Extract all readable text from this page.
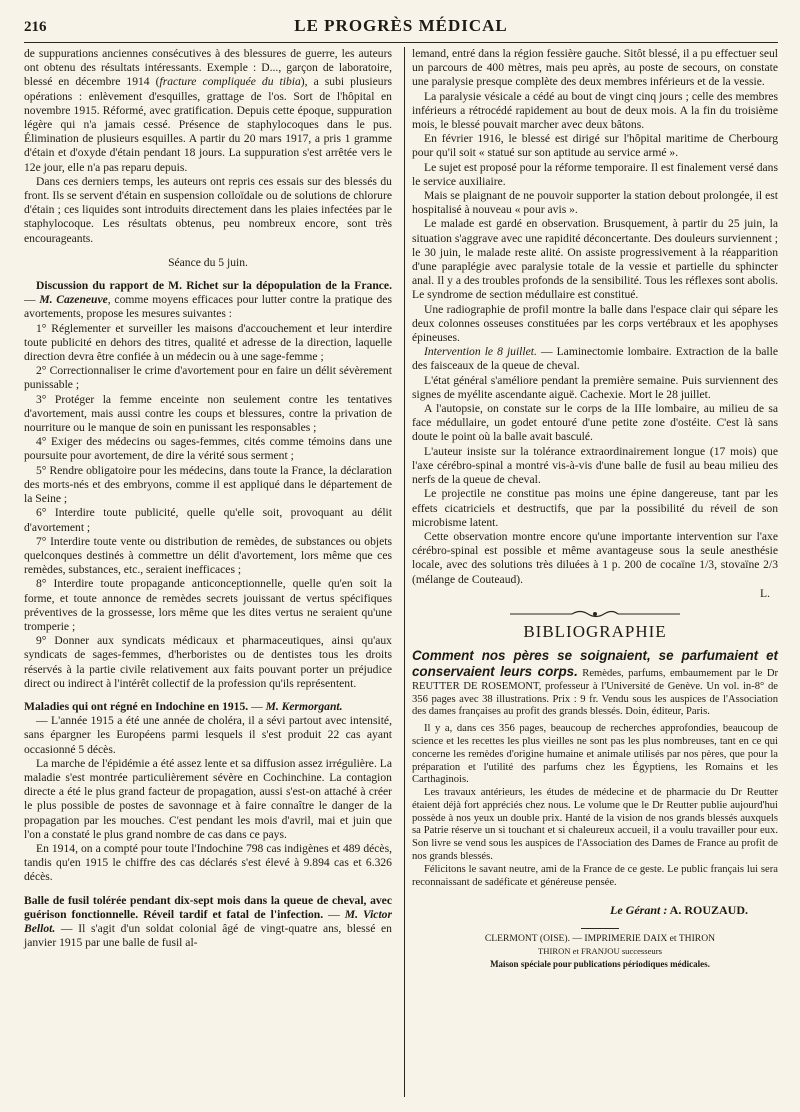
216	LE PROGRÈS MÉDICAL

de suppurations anciennes consécutives à des blessures de guerre, les auteurs ont obtenu des résultats intéressants. Exemple : D..., garçon de laboratoire, blessé en décembre 1914 (fracture compliquée du tibia), a subi plusieurs opérations : enlèvement d'esquilles, grattage de l'os. Sort de l'hôpital en novembre 1915. Réformé, avec gratification. Depuis cette époque, suppuration légère qui n'a jamais cessé. Présence de staphylocoques dans le pus. Élimination de plusieurs esquilles. A partir du 20 mars 1917, a pris 1 gramme d'étain et d'oxyde d'étain pendant 18 jours. La suppuration s'est arrêtée vers le 12e jour, elle n'a pas reparu depuis.

Dans ces derniers temps, les auteurs ont repris ces essais sur des blessés du front. Ils se servent d'étain en suspension colloïdale ou de solutions de chlorure d'étain ; ces liquides sont introduits directement dans les plaies infectées par le staphylocoque. Les résultats obtenus, peu nombreux encore, sont très encourageants.

Séance du 5 juin.

Discussion du rapport de M. Richet sur la dépopulation de la France. — M. Cazeneuve, comme moyens efficaces pour lutter contre la pratique des avortements, propose les mesures suivantes :

1° Réglementer et surveiller les maisons d'accouchement et leur interdire toute publicité en dehors des titres, qualité et adresse de la direction, laquelle direction devra être confiée à un médecin ou à une sage-femme ;

2° Correctionnaliser le crime d'avortement pour en faire un délit sévèrement punissable ;

3° Protéger la femme enceinte non seulement contre les tentatives d'avortement, mais aussi contre les coups et blessures, contre la privation de nourriture ou le manque de soin en punissant les responsables ;

4° Exiger des médecins ou sages-femmes, cités comme témoins dans une poursuite pour avortement, de dire la vérité sous serment ;

5° Rendre obligatoire pour les médecins, dans toute la France, la déclaration des morts-nés et des embryons, comme il est appliqué dans le département de la Seine ;

6° Interdire toute publicité, quelle qu'elle soit, provoquant au délit d'avortement ;

7° Interdire toute vente ou distribution de remèdes, de substances ou objets quelconques destinés à commettre un délit d'avortement, lors même que ces remèdes, substances, etc., seraient inefficaces ;

8° Interdire toute propagande anticonceptionnelle, quelle qu'en soit la forme, et toute annonce de remèdes secrets jouissant de vertus spécifiques préventives de la grossesse, lors même que les dites vertus ne seraient qu'une tromperie ;

9° Donner aux syndicats médicaux et pharmaceutiques, ainsi qu'aux syndicats de sages-femmes, d'herboristes ou de dentistes tous les droits réservés à la partie civile relativement aux faits pouvant porter un préjudice direct ou indirect à l'intérêt collectif de la profession qu'ils représentent.

Maladies qui ont régné en Indochine en 1915. — M. Kermorgant.

— L'année 1915 a été une année de choléra, il a sévi partout avec intensité, sans épargner les Européens parmi lesquels il s'est produit 22 cas ayant occasionné 5 décès.

La marche de l'épidémie a été assez lente et sa diffusion assez irrégulière. La maladie s'est montrée particulièrement sévère en Cochinchine. La contagion directe a été le plus grand facteur de propagation, aussi s'est-on attaché à créer le plus possible de postes de savonnage et à faire connaître le danger de la propagation par les mouches. C'est pendant les mois d'avril, mai et juin que l'on a constaté le plus grand nombre de cas dans ce pays.

En 1914, on a compté pour toute l'Indochine 798 cas indigènes et 489 décès, tandis qu'en 1915 le chiffre des cas déclarés s'est élevé à 9.894 cas et 6.326 décès.

Balle de fusil tolérée pendant dix-sept mois dans la queue de cheval, avec guérison fonctionnelle. Réveil tardif et fatal de l'infection. — M. Victor Bellot. — Il s'agit d'un soldat colonial âgé de vingt-quatre ans, blessé en janvier 1915 par une balle de fusil al-

lemand, entré dans la région fessière gauche. Sitôt blessé, il a pu effectuer seul un parcours de 400 mètres, mais peu après, au poste de secours, on constate une paralysie presque complète des deux membres inférieurs et de la vessie.

La paralysie vésicale a cédé au bout de vingt cinq jours ; celle des membres inférieurs a rétrocédé rapidement au bout de deux mois. A la fin du troisième mois, le blessé pouvait marcher avec deux bâtons.

En février 1916, le blessé est dirigé sur l'hôpital maritime de Cherbourg pour qu'il soit « statué sur son aptitude au service armé ».

Le sujet est proposé pour la réforme temporaire. Il est finalement versé dans le service auxiliaire.

Mais se plaignant de ne pouvoir supporter la station debout prolongée, il est hospitalisé à nouveau « pour avis ».

Le malade est gardé en observation. Brusquement, à partir du 25 juin, la situation s'aggrave avec une rapidité déconcertante. Des douleurs surviennent ; le 30 juin, le malade reste alité. On assiste progressivement à la réapparition d'une paraplégie avec paralysie totale de la vessie et partielle du sphincter anal. Il y a des troubles profonds de la sensibilité. Tous les réflexes sont abolis. Le syndrome de section médullaire est constitué.

Une radiographie de profil montre la balle dans l'espace clair qui sépare les deux colonnes osseuses constituées par les corps vertébraux et les apophyses épineuses.

Intervention le 8 juillet. — Laminectomie lombaire. Extraction de la balle des faisceaux de la queue de cheval.

L'état général s'améliore pendant la première semaine. Puis surviennent des signes de myélite ascendante aiguë. Cachexie. Mort le 28 juillet.

A l'autopsie, on constate sur le corps de la IIIe lombaire, au milieu de sa face médullaire, un godet entouré d'une petite zone d'ostéite. C'est là sans doute le point où la balle avait basculé.

L'auteur insiste sur la tolérance extraordinairement longue (17 mois) que l'axe cérébro-spinal a montré vis-à-vis d'une balle de fusil au beau milieu des nerfs de la queue de cheval.

Le projectile ne constitue pas moins une épine dangereuse, tant par les effets cicatriciels et destructifs, que par la possibilité du réveil de son microbisme latent.

Cette observation montre encore qu'une importante intervention sur l'axe cérébro-spinal est possible et même avantageuse sous la seule anesthésie locale, avec des solutions très diluées à 1 p. 200 de cocaïne 1/3, stovaïne 2/3 (mélange de Couteaud).

L.

BIBLIOGRAPHIE

Comment nos pères se soignaient, se parfumaient et conservaient leurs corps. Remèdes, parfums, embaumement par le Dr REUTTER DE ROSEMONT, professeur à l'Université de Genève. Un vol. in-8° de 356 pages avec 38 illustrations. Prix : 9 fr. Vendu sous les auspices de l'Association des dames françaises au profit des grands blessés. Doin, éditeur, Paris.

Il y a, dans ces 356 pages, beaucoup de recherches approfondies, beaucoup de science et les recettes les plus vieilles ne sont pas les plus nombreuses, tant en ce qui concerne les remèdes d'origine humaine et animale utilisés par nos pères, que pour la préparation et l'utilité des parfums chez les Égyptiens, les Romains et les Carthaginois.

Les travaux antérieurs, les études de médecine et de pharmacie du Dr Reutter étaient déjà fort appréciés chez nous. Le volume que le Dr Reutter publie aujourd'hui possède à nos yeux un double prix. Hanté de la vision de nos grands blessés auxquels sa Patrie réserve un si touchant et si chaleureux accueil, il a voulu travailler pour eux. Son livre se vend sous les auspices de l'Association des Dames de France au profit de nos grands blessés.

Félicitons le savant neutre, ami de la France de ce geste. Le public français lui sera reconnaissant de sadéficate et généreuse pensée.

Le Gérant : A. ROUZAUD.
CLERMONT (OISE). — IMPRIMERIE DAIX et THIRON
THIRON et FRANJOU successeurs
Maison spéciale pour publications périodiques médicales.
